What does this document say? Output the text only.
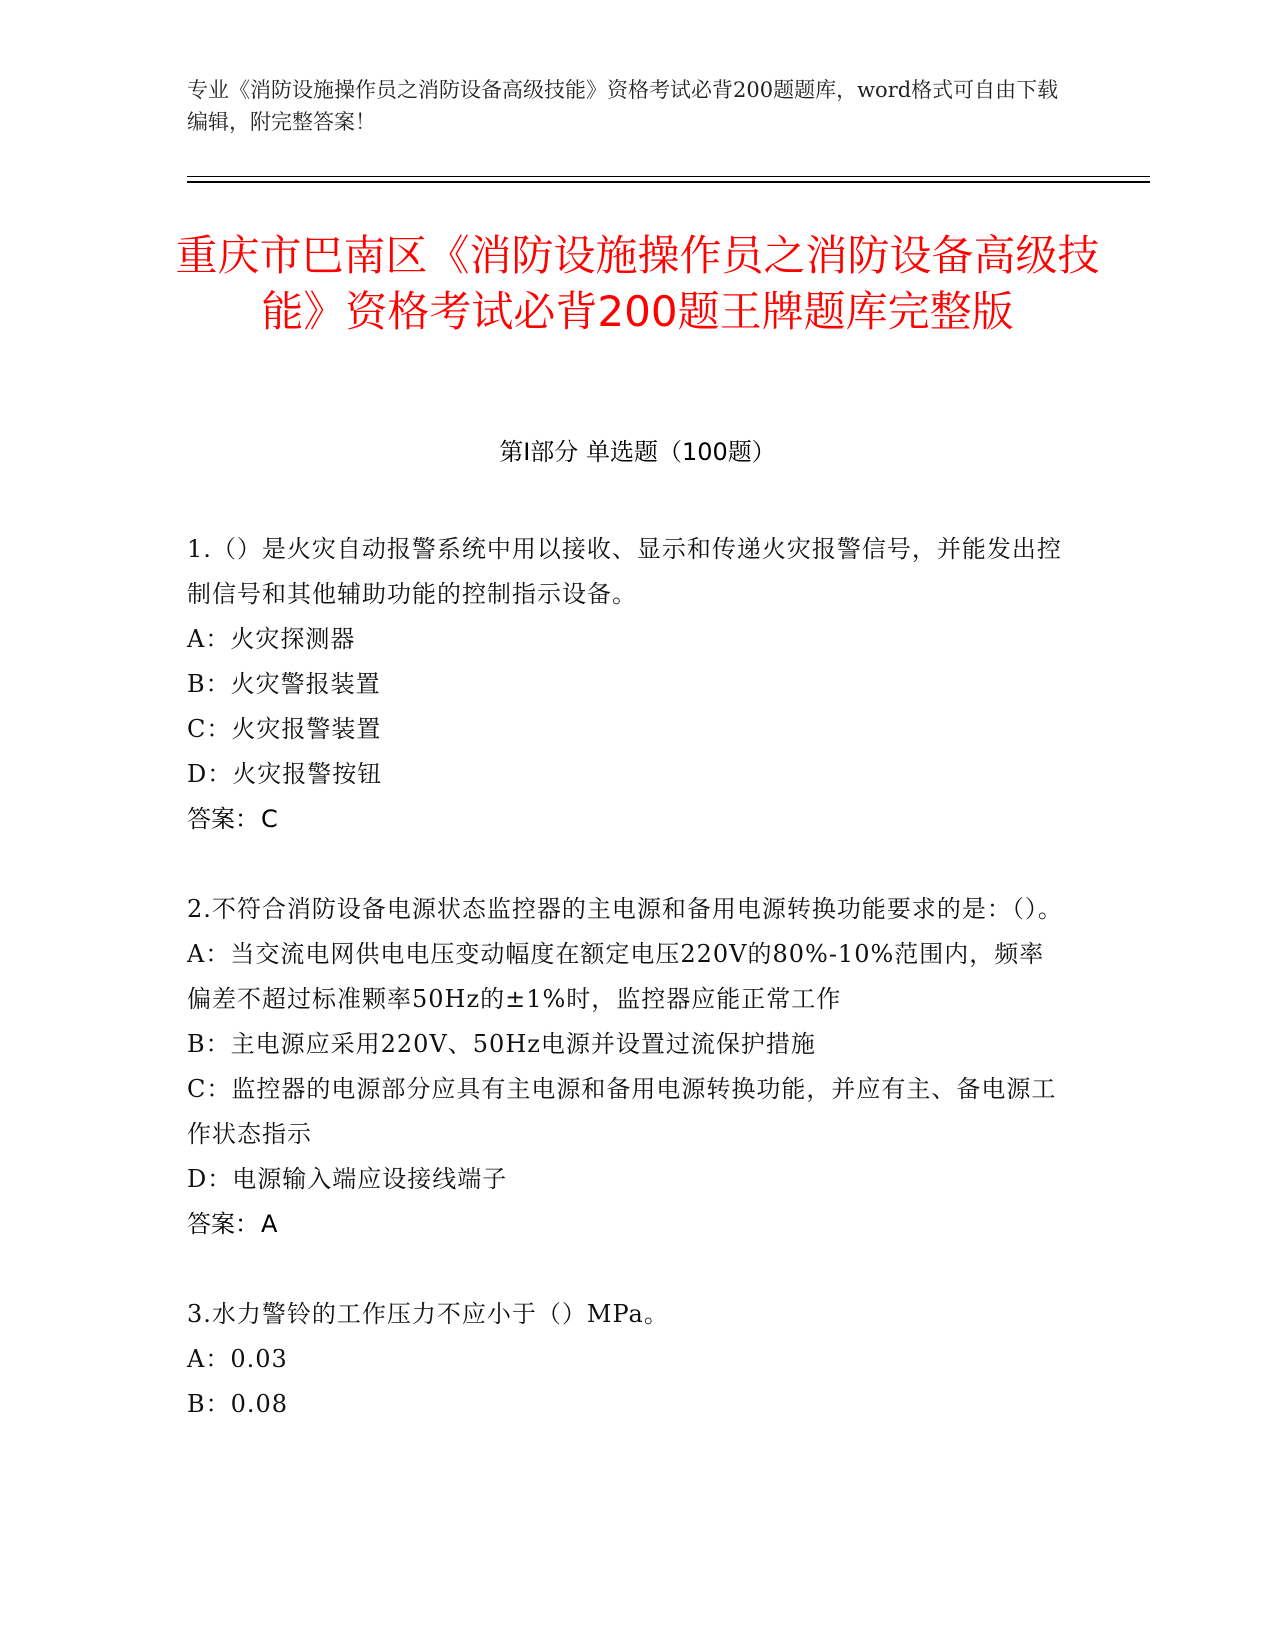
专业《消防设施操作员之消防设备高级技能》资格考试必背200题题库，word格式可自由下载编辑，附完整答案！
重庆市巴南区《消防设施操作员之消防设备高级技能》资格考试必背200题王牌题库完整版
第I部分 单选题（100题）
1.（）是火灾自动报警系统中用以接收、显示和传递火灾报警信号，并能发出控制信号和其他辅助功能的控制指示设备。
A：火灾探测器
B：火灾警报装置
C：火灾报警装置
D：火灾报警按钮
答案：C
2.不符合消防设备电源状态监控器的主电源和备用电源转换功能要求的是：（）。
A：当交流电网供电电压变动幅度在额定电压220V的80%-10%范围内，频率偏差不超过标准颗率50Hz的±1%时，监控器应能正常工作
B：主电源应采用220V、50Hz电源并设置过流保护措施
C：监控器的电源部分应具有主电源和备用电源转换功能，并应有主、备电源工作状态指示
D：电源输入端应设接线端子
答案：A
3.水力警铃的工作压力不应小于（）MPa。
A：0.03
B：0.08
